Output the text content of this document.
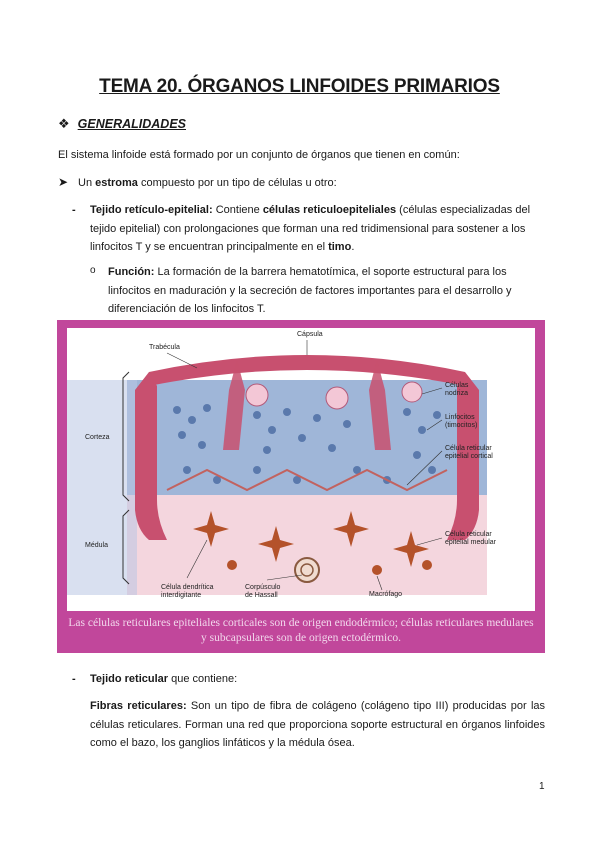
TEMA 20. ÓRGANOS LINFOIDES PRIMARIOS
❖ GENERALIDADES
El sistema linfoide está formado por un conjunto de órganos que tienen en común:
➤ Un estroma compuesto por un tipo de células u otro:
- Tejido retículo-epitelial: Contiene células reticuloepiteliales (células especializadas del tejido epitelial) con prolongaciones que forman una red tridimensional para sostener a los linfocitos T y se encuentran principalmente en el timo.
o Función: La formación de la barrera hematotímica, el soporte estructural para los linfocitos en maduración y la secreción de factores importantes para el desarrollo y diferenciación de los linfocitos T.
Cápsula
Trabécula
Células
nodriza
Linfocitos
(timocitos)
Célula reticular
epitelial cortical
Corteza
Médula
Célula reticular
epitelial medular
Célula dendrítica
interdigitante
Corpúsculo
de Hassall	Macrófago
Las células reticulares epiteliales corticales son de origen endodérmico; células reticulares medulares y subcapsulares son de origen ectodérmico.
- Tejido reticular que contiene:
Fibras reticulares: Son un tipo de fibra de colágeno (colágeno tipo III) producidas por las células reticulares. Forman una red que proporciona soporte estructural en órganos linfoides como el bazo, los ganglios linfáticos y la médula ósea.
1
